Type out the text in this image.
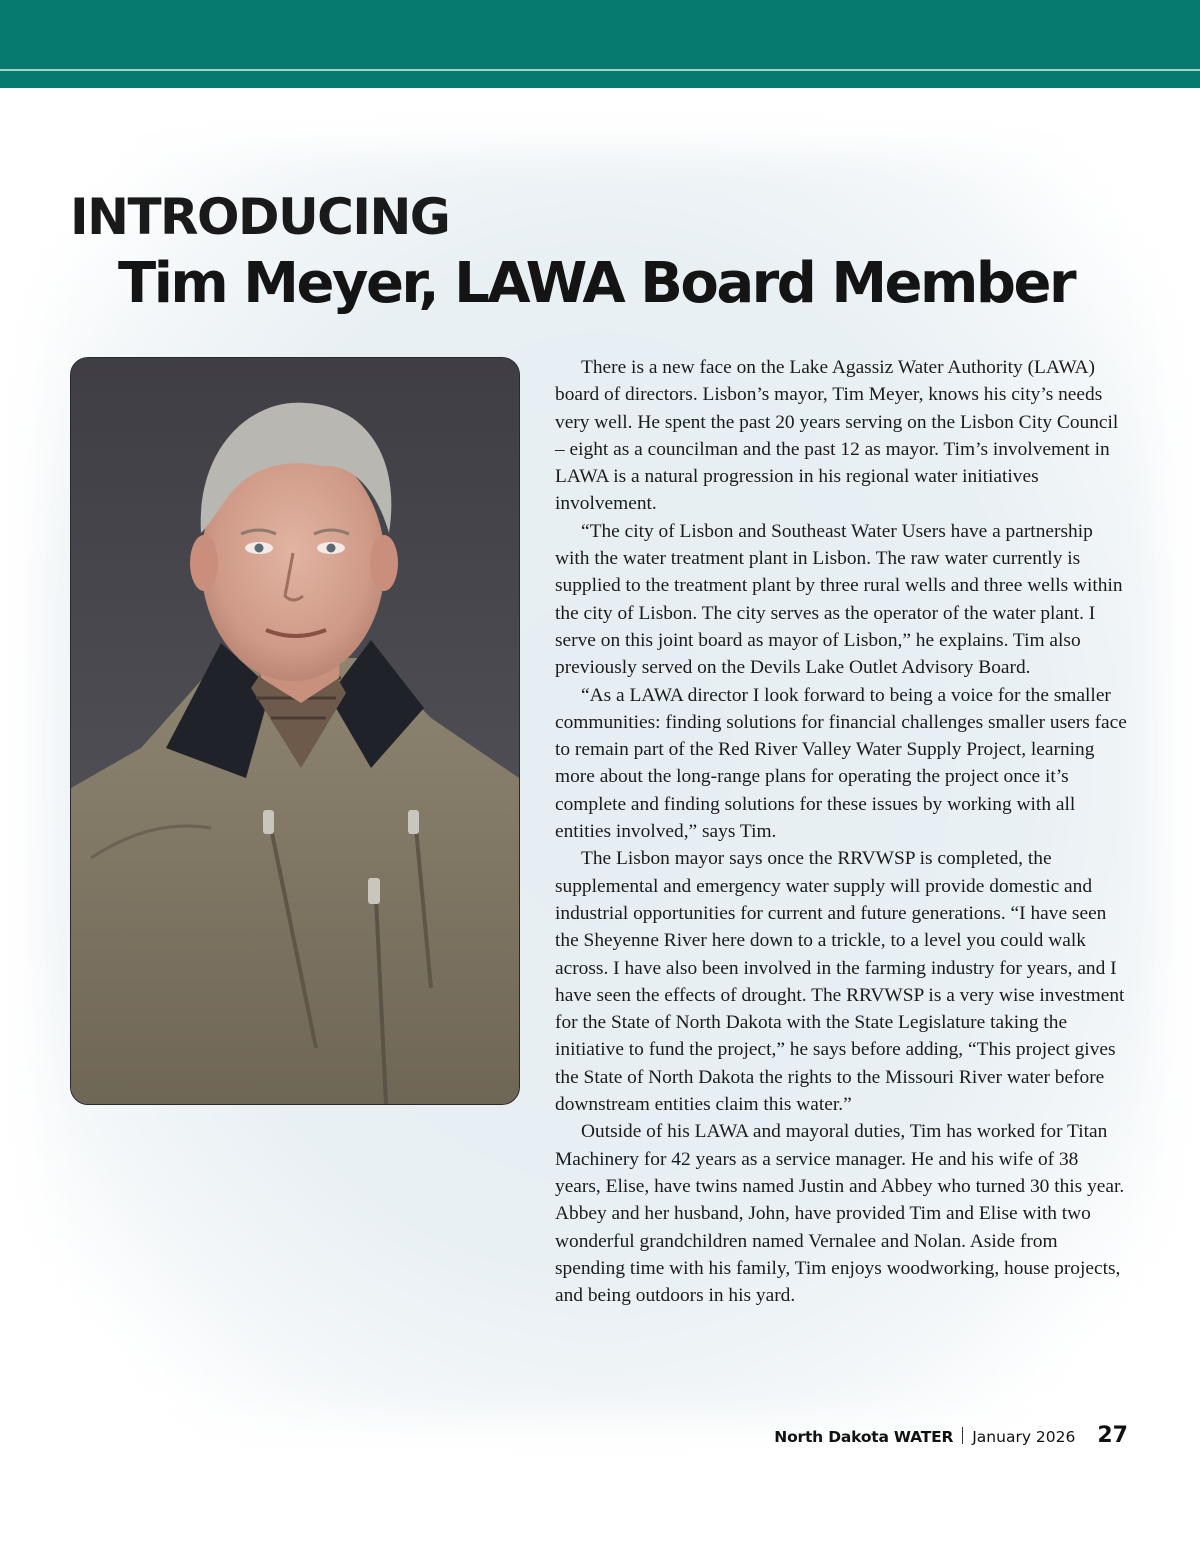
INTRODUCING
Tim Meyer, LAWA Board Member

There is a new face on the Lake Agassiz Water Authority (LAWA) board of directors. Lisbon’s mayor, Tim Meyer, knows his city’s needs very well. He spent the past 20 years serving on the Lisbon City Council – eight as a councilman and the past 12 as mayor. Tim’s involvement in LAWA is a natural progression in his regional water initiatives involvement.

“The city of Lisbon and Southeast Water Users have a partnership with the water treatment plant in Lisbon. The raw water currently is supplied to the treatment plant by three rural wells and three wells within the city of Lisbon. The city serves as the operator of the water plant. I serve on this joint board as mayor of Lisbon,” he explains. Tim also previously served on the Devils Lake Outlet Advisory Board.

“As a LAWA director I look forward to being a voice for the smaller communities: finding solutions for financial challenges smaller users face to remain part of the Red River Valley Water Supply Project, learning more about the long-range plans for operating the project once it’s complete and finding solutions for these issues by working with all entities involved,” says Tim.

The Lisbon mayor says once the RRVWSP is completed, the supplemental and emergency water supply will provide domestic and industrial opportunities for current and future generations. “I have seen the Sheyenne River here down to a trickle, to a level you could walk across. I have also been involved in the farming industry for years, and I have seen the effects of drought. The RRVWSP is a very wise investment for the State of North Dakota with the State Legislature taking the initiative to fund the project,” he says before adding, “This project gives the State of North Dakota the rights to the Missouri River water before downstream entities claim this water.”

Outside of his LAWA and mayoral duties, Tim has worked for Titan Machinery for 42 years as a service manager. He and his wife of 38 years, Elise, have twins named Justin and Abbey who turned 30 this year. Abbey and her husband, John, have provided Tim and Elise with two wonderful grandchildren named Vernalee and Nolan. Aside from spending time with his family, Tim enjoys woodworking, house projects, and being outdoors in his yard.

North Dakota WATER January 2026 27
